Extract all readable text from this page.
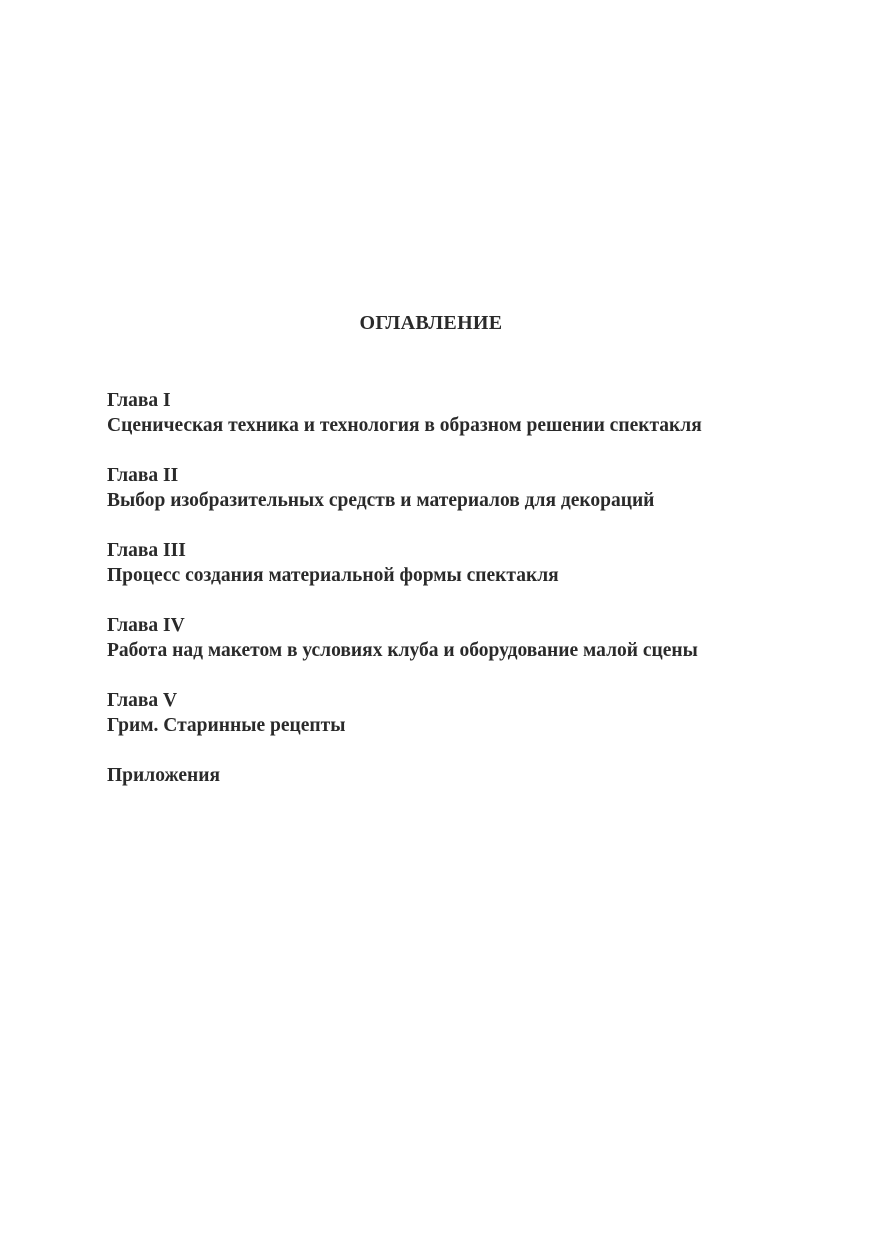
ОГЛАВЛЕНИЕ
Глава I
Сценическая техника и технология в образном решении спектакля
Глава II
Выбор изобразительных средств и материалов для декораций
Глава III
Процесс создания материальной формы спектакля
Глава IV
Работа над макетом в условиях клуба и оборудование малой сцены
Глава V
Грим. Старинные рецепты
Приложения
